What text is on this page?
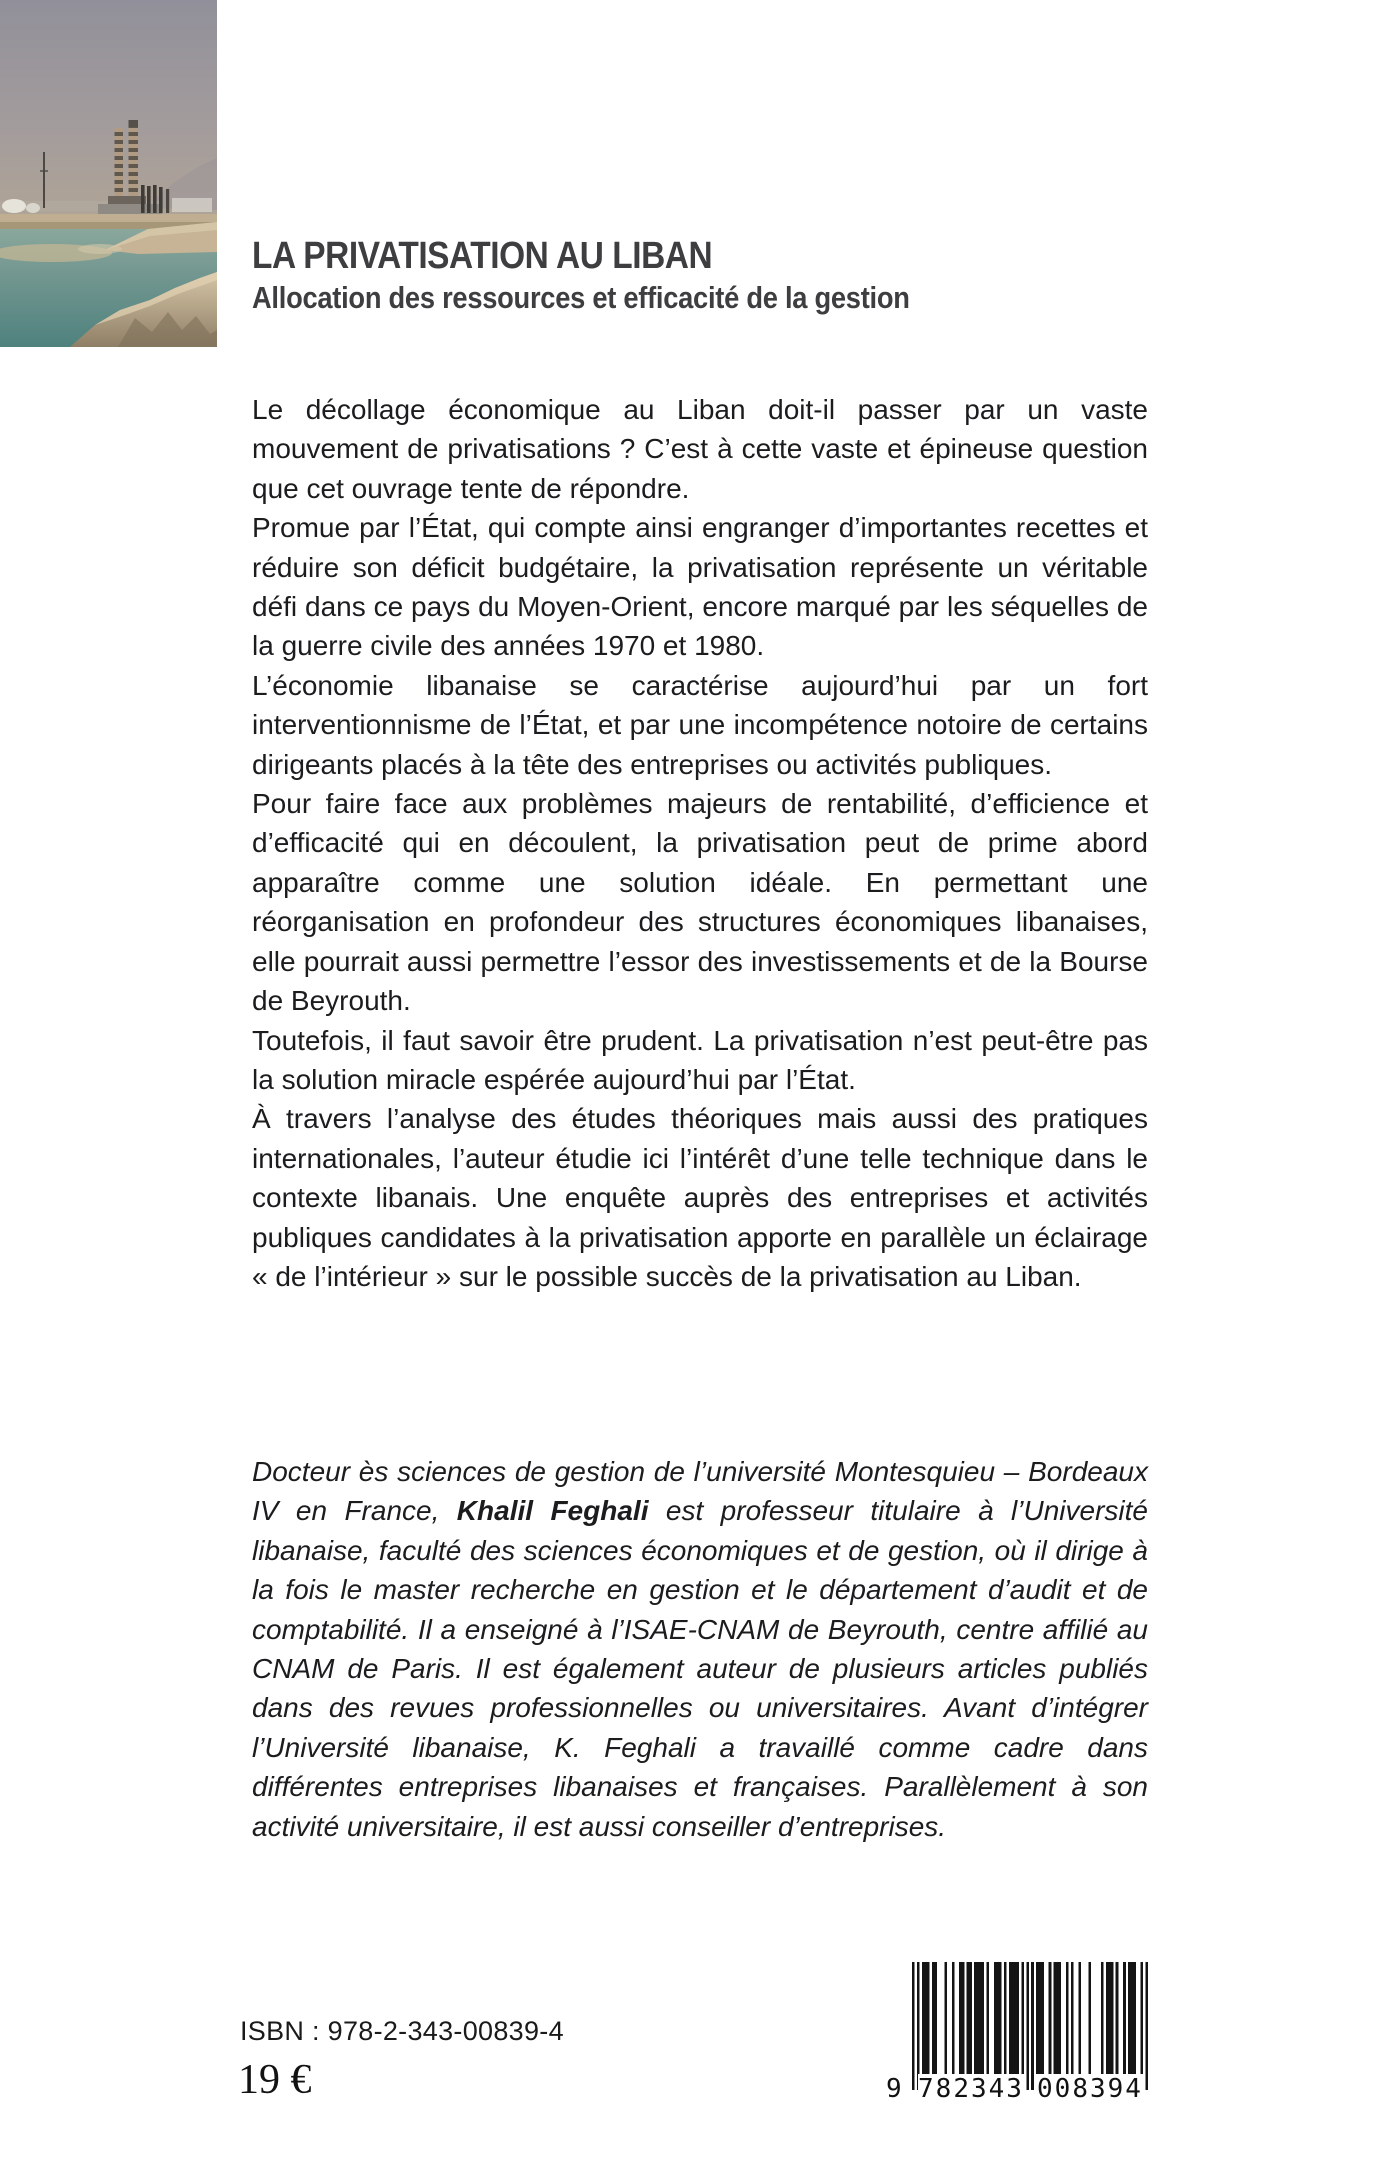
LA PRIVATISATION AU LIBAN
Allocation des ressources et efficacité de la gestion

Le décollage économique au Liban doit-il passer par un vaste mouvement de privatisations ? C’est à cette vaste et épineuse question que cet ouvrage tente de répondre.

Promue par l’État, qui compte ainsi engranger d’importantes recettes et réduire son déficit budgétaire, la privatisation représente un véritable défi dans ce pays du Moyen-Orient, encore marqué par les séquelles de la guerre civile des années 1970 et 1980.

L’économie libanaise se caractérise aujourd’hui par un fort interventionnisme de l’État, et par une incompétence notoire de certains dirigeants placés à la tête des entreprises ou activités publiques.

Pour faire face aux problèmes majeurs de rentabilité, d’efficience et d’efficacité qui en découlent, la privatisation peut de prime abord apparaître comme une solution idéale. En permettant une réorganisation en profondeur des structures économiques libanaises, elle pourrait aussi permettre l’essor des investissements et de la Bourse de Beyrouth.

Toutefois, il faut savoir être prudent. La privatisation n’est peut-être pas la solution miracle espérée aujourd’hui par l’État.

À travers l’analyse des études théoriques mais aussi des pratiques internationales, l’auteur étudie ici l’intérêt d’une telle technique dans le contexte libanais. Une enquête auprès des entreprises et activités publiques candidates à la privatisation apporte en parallèle un éclairage « de l’intérieur » sur le possible succès de la privatisation au Liban.

Docteur ès sciences de gestion de l’université Montesquieu – Bordeaux IV en France, Khalil Feghali est professeur titulaire à l’Université libanaise, faculté des sciences économiques et de gestion, où il dirige à la fois le master recherche en gestion et le département d’audit et de comptabilité. Il a enseigné à l’ISAE-CNAM de Beyrouth, centre affilié au CNAM de Paris. Il est également auteur de plusieurs articles publiés dans des revues professionnelles ou universitaires. Avant d’intégrer l’Université libanaise, K. Feghali a travaillé comme cadre dans différentes entreprises libanaises et françaises. Parallèlement à son activité universitaire, il est aussi conseiller d’entreprises.

ISBN : 978-2-343-00839-4
19 €	9 782343 008394
